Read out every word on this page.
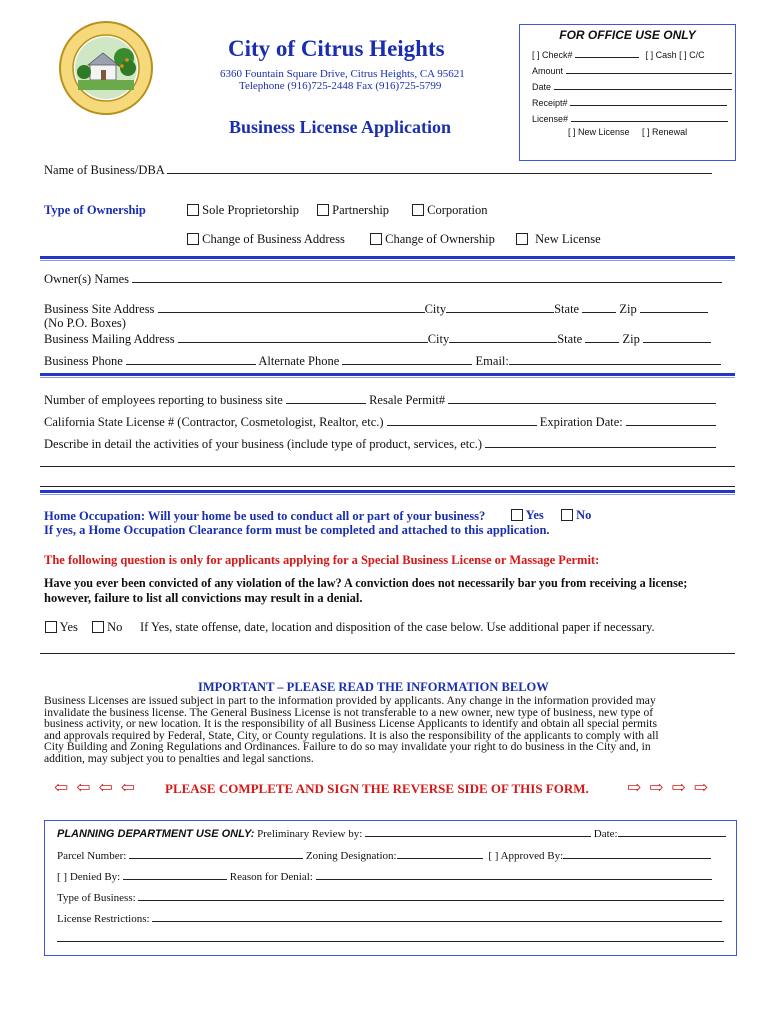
City of Citrus Heights
6360 Fountain Square Drive, Citrus Heights, CA 95621
Telephone (916)725-2448 Fax (916)725-5799
Business License Application
FOR OFFICE USE ONLY
[ ] Check#	[ ] Cash [ ] C/C
Amount
Date
Receipt#
License#
[ ] New License [ ] Renewal
Name of Business/DBA
Type of Ownership	Sole Proprietorship	Partnership	Corporation
Change of Business Address	Change of Ownership	New License
Owner(s) Names
Business Site Address	City	State	Zip
(No P.O. Boxes)
Business Mailing Address	City	State	Zip
Business Phone	Alternate Phone	Email:
Number of employees reporting to business site	Resale Permit#
California State License # (Contractor, Cosmetologist, Realtor, etc.)	Expiration Date:
Describe in detail the activities of your business (include type of product, services, etc.)
Home Occupation: Will your home be used to conduct all or part of your business?	Yes	No
If yes, a Home Occupation Clearance form must be completed and attached to this application.
The following question is only for applicants applying for a Special Business License or Massage Permit:
Have you ever been convicted of any violation of the law? A conviction does not necessarily bar you from receiving a license;
however, failure to list all convictions may result in a denial.
Yes	No If Yes, state offense, date, location and disposition of the case below. Use additional paper if necessary.
IMPORTANT – PLEASE READ THE INFORMATION BELOW
Business Licenses are issued subject in part to the information provided by applicants. Any change in the information provided may
invalidate the business license. The General Business License is not transferable to a new owner, new type of business, new type of
business activity, or new location. It is the responsibility of all Business License Applicants to identify and obtain all special permits
and approvals required by Federal, State, City, or County regulations. It is also the responsibility of the applicants to comply with all
City Building and Zoning Regulations and Ordinances. Failure to do so may invalidate your right to do business in the City and, in
addition, may subject you to penalties and legal sanctions.
⇦⇦⇦⇦ PLEASE COMPLETE AND SIGN THE REVERSE SIDE OF THIS FORM. ⇨⇨⇨⇨
PLANNING DEPARTMENT USE ONLY: Preliminary Review by:	Date:
Parcel Number:	Zoning Designation:	[ ] Approved By:
[ ] Denied By:	Reason for Denial:
Type of Business:
License Restrictions:
